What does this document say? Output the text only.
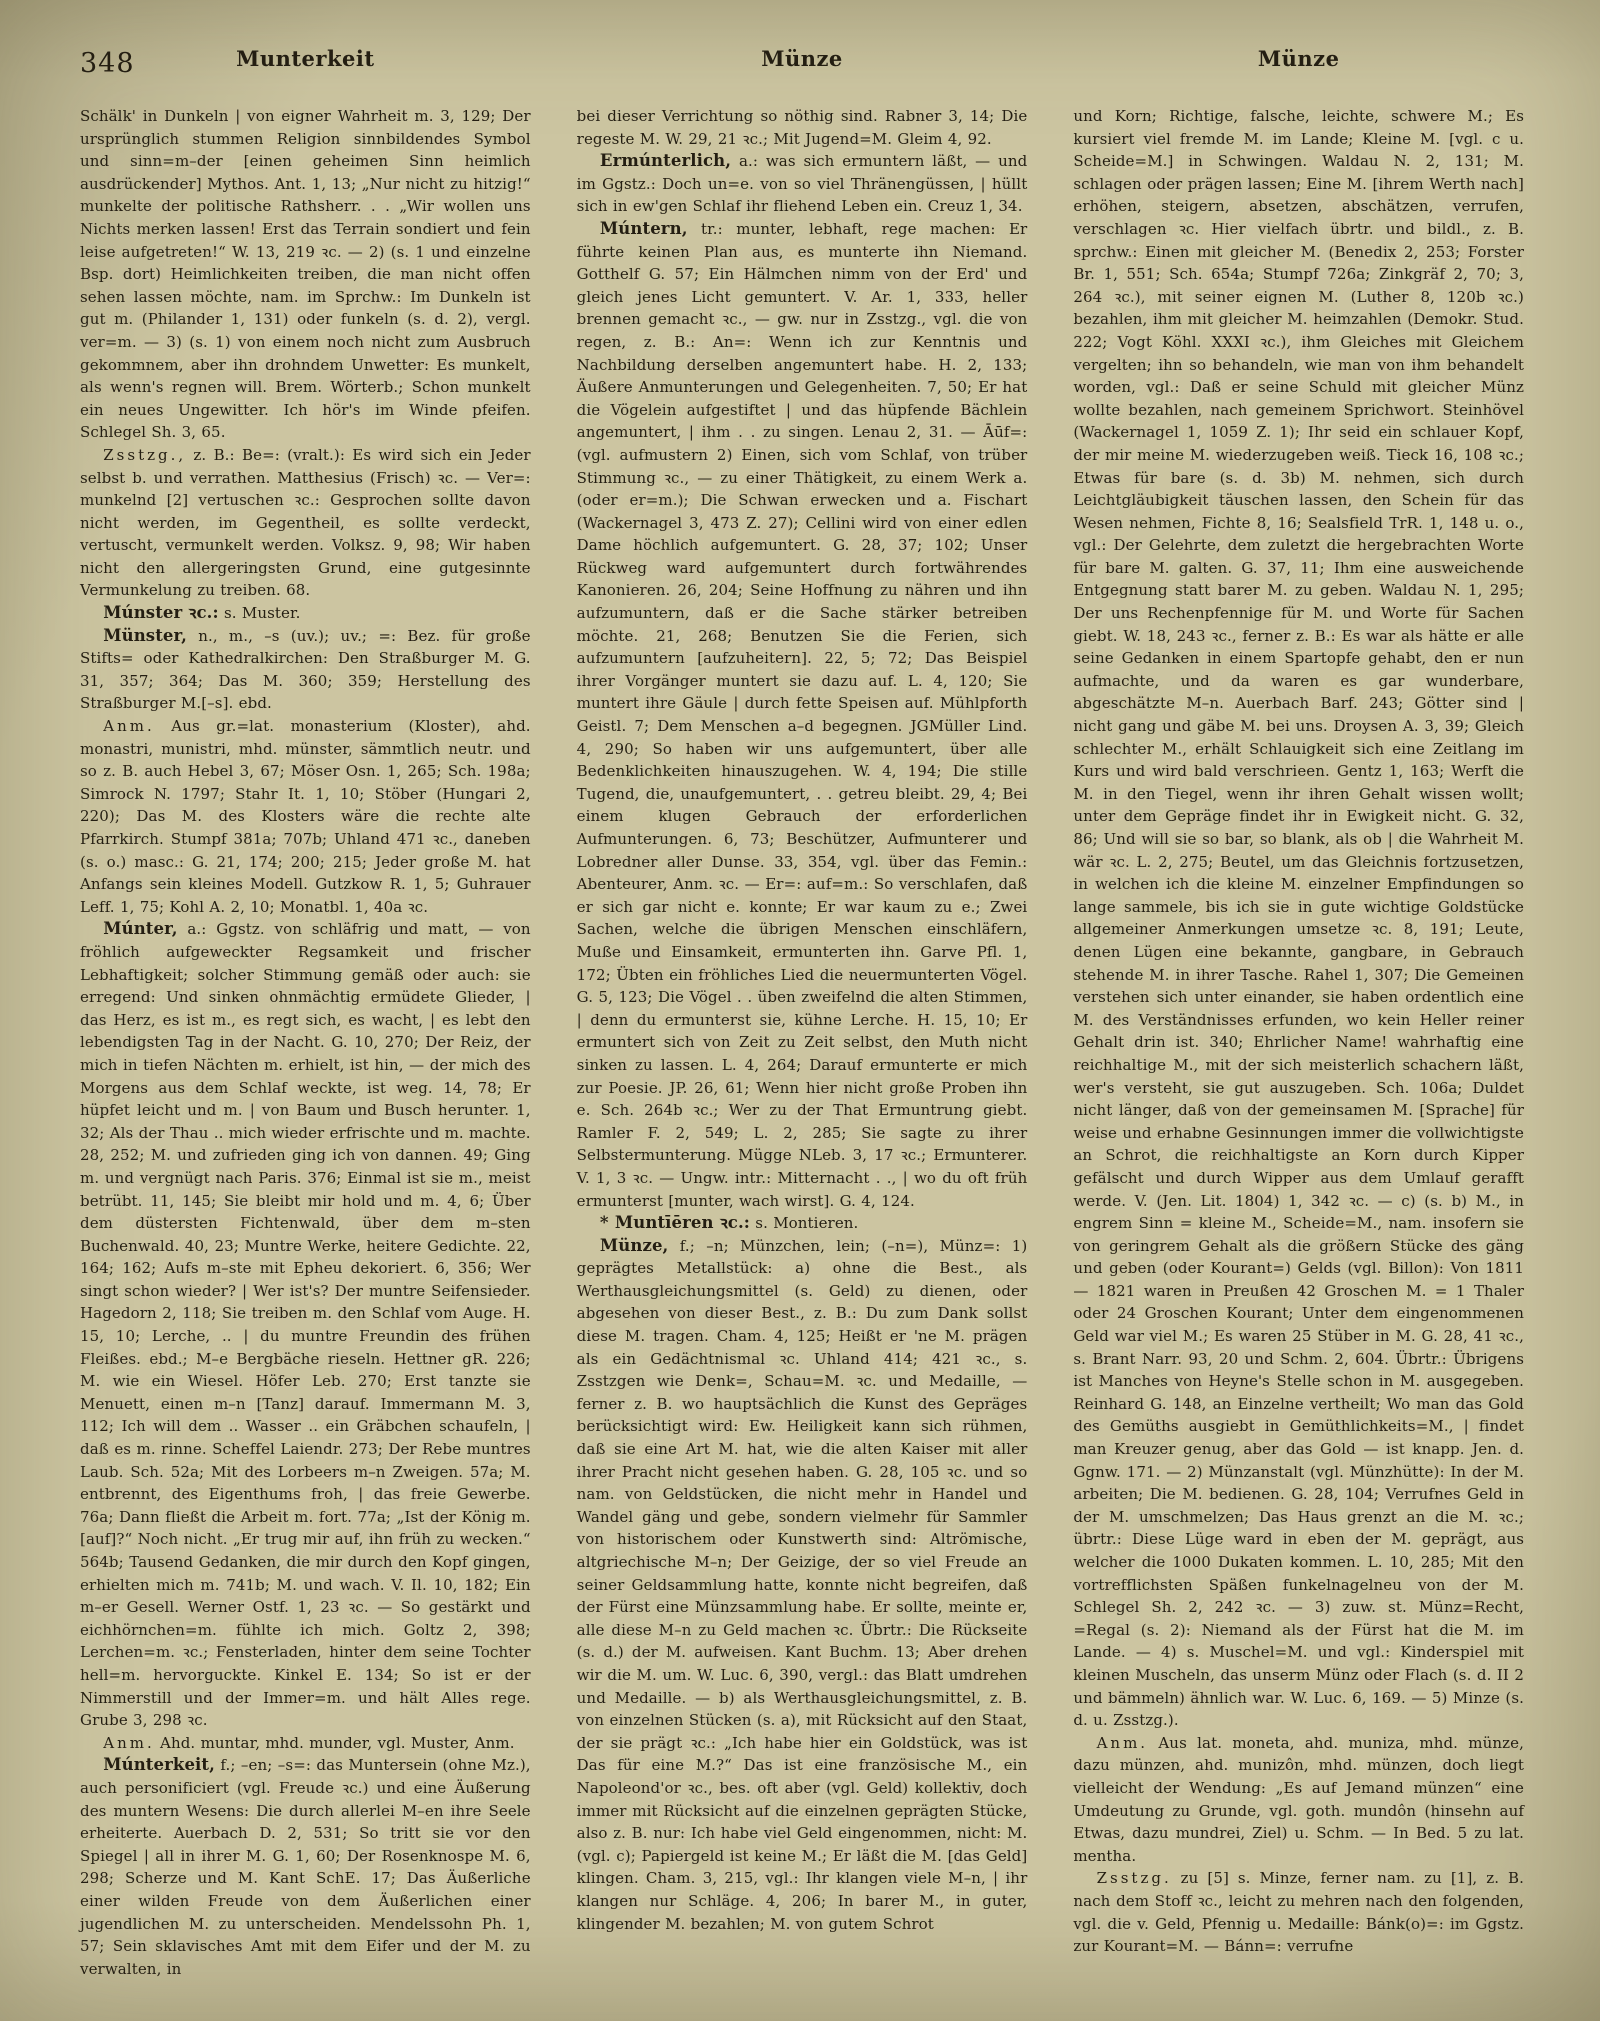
348	Munterkeit	Münze	Münze

Schälk' in Dunkeln | von eigner Wahrheit m. 3, 129; Der ursprünglich stummen Religion sinnbildendes Symbol und sinn=m–der [einen geheimen Sinn heimlich ausdrückender] Mythos. Ant. 1, 13; „Nur nicht zu hitzig!“ munkelte der politische Rathsherr. . . „Wir wollen uns Nichts merken lassen! Erst das Terrain sondiert und fein leise aufgetreten!“ W. 13, 219 ꝛc. — 2) (s. 1 und einzelne Bsp. dort) Heimlichkeiten treiben, die man nicht offen sehen lassen möchte, nam. im Sprchw.: Im Dunkeln ist gut m. (Philander 1, 131) oder funkeln (s. d. 2), vergl. ver=m. — 3) (s. 1) von einem noch nicht zum Ausbruch gekommnem, aber ihn drohndem Unwetter: Es munkelt, als wenn's regnen will. Brem. Wörterb.; Schon munkelt ein neues Ungewitter. Ich hör's im Winde pfeifen. Schlegel Sh. 3, 65.

Zsstzg., z. B.: Be=: (vralt.): Es wird sich ein Jeder selbst b. und verrathen. Matthesius (Frisch) ꝛc. — Ver=: munkelnd [2] vertuschen ꝛc.: Gesprochen sollte davon nicht werden, im Gegentheil, es sollte verdeckt, vertuscht, vermunkelt werden. Volksz. 9, 98; Wir haben nicht den allergeringsten Grund, eine gutgesinnte Vermunkelung zu treiben. 68.

Múnster ꝛc.: s. Muster.

Münster, n., m., –s (uv.); uv.; =: Bez. für große Stifts= oder Kathedralkirchen: Den Straßburger M. G. 31, 357; 364; Das M. 360; 359; Herstellung des Straßburger M.[–s]. ebd.

Anm. Aus gr.=lat. monasterium (Kloster), ahd. monastri, munistri, mhd. münster, sämmtlich neutr. und so z. B. auch Hebel 3, 67; Möser Osn. 1, 265; Sch. 198a; Simrock N. 1797; Stahr It. 1, 10; Stöber (Hungari 2, 220); Das M. des Klosters wäre die rechte alte Pfarrkirch. Stumpf 381a; 707b; Uhland 471 ꝛc., daneben (s. o.) masc.: G. 21, 174; 200; 215; Jeder große M. hat Anfangs sein kleines Modell. Gutzkow R. 1, 5; Guhrauer Leff. 1, 75; Kohl A. 2, 10; Monatbl. 1, 40a ꝛc.

Múnter, a.: Ggstz. von schläfrig und matt, — von fröhlich aufgeweckter Regsamkeit und frischer Lebhaftigkeit; solcher Stimmung gemäß oder auch: sie erregend: Und sinken ohnmächtig ermüdete Glieder, | das Herz, es ist m., es regt sich, es wacht, | es lebt den lebendigsten Tag in der Nacht. G. 10, 270; Der Reiz, der mich in tiefen Nächten m. erhielt, ist hin, — der mich des Morgens aus dem Schlaf weckte, ist weg. 14, 78; Er hüpfet leicht und m. | von Baum und Busch herunter. 1, 32; Als der Thau .. mich wieder erfrischte und m. machte. 28, 252; M. und zufrieden ging ich von dannen. 49; Ging m. und vergnügt nach Paris. 376; Einmal ist sie m., meist betrübt. 11, 145; Sie bleibt mir hold und m. 4, 6; Über dem düstersten Fichtenwald, über dem m–sten Buchenwald. 40, 23; Muntre Werke, heitere Gedichte. 22, 164; 162; Aufs m–ste mit Epheu dekoriert. 6, 356; Wer singt schon wieder? | Wer ist's? Der muntre Seifensieder. Hagedorn 2, 118; Sie treiben m. den Schlaf vom Auge. H. 15, 10; Lerche, .. | du muntre Freundin des frühen Fleißes. ebd.; M–e Bergbäche rieseln. Hettner gR. 226; M. wie ein Wiesel. Höfer Leb. 270; Erst tanzte sie Menuett, einen m–n [Tanz] darauf. Immermann M. 3, 112; Ich will dem .. Wasser .. ein Gräbchen schaufeln, | daß es m. rinne. Scheffel Laiendr. 273; Der Rebe muntres Laub. Sch. 52a; Mit des Lorbeers m–n Zweigen. 57a; M. entbrennt, des Eigenthums froh, | das freie Gewerbe. 76a; Dann fließt die Arbeit m. fort. 77a; „Ist der König m. [auf]?“ Noch nicht. „Er trug mir auf, ihn früh zu wecken.“ 564b; Tausend Gedanken, die mir durch den Kopf gingen, erhielten mich m. 741b; M. und wach. V. Il. 10, 182; Ein m–er Gesell. Werner Ostf. 1, 23 ꝛc. — So gestärkt und eichhörnchen=m. fühlte ich mich. Goltz 2, 398; Lerchen=m. ꝛc.; Fensterladen, hinter dem seine Tochter hell=m. hervorguckte. Kinkel E. 134; So ist er der Nimmerstill und der Immer=m. und hält Alles rege. Grube 3, 298 ꝛc.

Anm. Ahd. muntar, mhd. munder, vgl. Muster, Anm.

Múnterkeit, f.; –en; –s=: das Muntersein (ohne Mz.), auch personificiert (vgl. Freude ꝛc.) und eine Äußerung des muntern Wesens: Die durch allerlei M–en ihre Seele erheiterte. Auerbach D. 2, 531; So tritt sie vor den Spiegel | all in ihrer M. G. 1, 60; Der Rosenknospe M. 6, 298; Scherze und M. Kant SchE. 17; Das Äußerliche einer wilden Freude von dem Äußerlichen einer jugendlichen M. zu unterscheiden. Mendelssohn Ph. 1, 57; Sein sklavisches Amt mit dem Eifer und der M. zu verwalten, in

bei dieser Verrichtung so nöthig sind. Rabner 3, 14; Die regeste M. W. 29, 21 ꝛc.; Mit Jugend=M. Gleim 4, 92.

Ermúnterlich, a.: was sich ermuntern läßt, — und im Ggstz.: Doch un=e. von so viel Thränengüssen, | hüllt sich in ew'gen Schlaf ihr fliehend Leben ein. Creuz 1, 34.

Múntern, tr.: munter, lebhaft, rege machen: Er führte keinen Plan aus, es munterte ihn Niemand. Gotthelf G. 57; Ein Hälmchen nimm von der Erd' und gleich jenes Licht gemuntert. V. Ar. 1, 333, heller brennen gemacht ꝛc., — gw. nur in Zsstzg., vgl. die von regen, z. B.: An=: Wenn ich zur Kenntnis und Nachbildung derselben angemuntert habe. H. 2, 133; Äußere Anmunterungen und Gelegenheiten. 7, 50; Er hat die Vögelein aufgestiftet | und das hüpfende Bächlein angemuntert, | ihm . . zu singen. Lenau 2, 31. — Āūf=: (vgl. aufmustern 2) Einen, sich vom Schlaf, von trüber Stimmung ꝛc., — zu einer Thätigkeit, zu einem Werk a. (oder er=m.); Die Schwan erwecken und a. Fischart (Wackernagel 3, 473 Z. 27); Cellini wird von einer edlen Dame höchlich aufgemuntert. G. 28, 37; 102; Unser Rückweg ward aufgemuntert durch fortwährendes Kanonieren. 26, 204; Seine Hoffnung zu nähren und ihn aufzumuntern, daß er die Sache stärker betreiben möchte. 21, 268; Benutzen Sie die Ferien, sich aufzumuntern [aufzuheitern]. 22, 5; 72; Das Beispiel ihrer Vorgänger muntert sie dazu auf. L. 4, 120; Sie muntert ihre Gäule | durch fette Speisen auf. Mühlpforth Geistl. 7; Dem Menschen a–d begegnen. JGMüller Lind. 4, 290; So haben wir uns aufgemuntert, über alle Bedenklichkeiten hinauszugehen. W. 4, 194; Die stille Tugend, die, unaufgemuntert, . . getreu bleibt. 29, 4; Bei einem klugen Gebrauch der erforderlichen Aufmunterungen. 6, 73; Beschützer, Aufmunterer und Lobredner aller Dunse. 33, 354, vgl. über das Femin.: Abenteurer, Anm. ꝛc. — Er=: auf=m.: So verschlafen, daß er sich gar nicht e. konnte; Er war kaum zu e.; Zwei Sachen, welche die übrigen Menschen einschläfern, Muße und Einsamkeit, ermunterten ihn. Garve Pfl. 1, 172; Übten ein fröhliches Lied die neuermunterten Vögel. G. 5, 123; Die Vögel . . üben zweifelnd die alten Stimmen, | denn du ermunterst sie, kühne Lerche. H. 15, 10; Er ermuntert sich von Zeit zu Zeit selbst, den Muth nicht sinken zu lassen. L. 4, 264; Darauf ermunterte er mich zur Poesie. JP. 26, 61; Wenn hier nicht große Proben ihn e. Sch. 264b ꝛc.; Wer zu der That Ermuntrung giebt. Ramler F. 2, 549; L. 2, 285; Sie sagte zu ihrer Selbstermunterung. Mügge NLeb. 3, 17 ꝛc.; Ermunterer. V. 1, 3 ꝛc. — Ungw. intr.: Mitternacht . ., | wo du oft früh ermunterst [munter, wach wirst]. G. 4, 124.

* Muntīēren ꝛc.: s. Montieren.

Münze, f.; –n; Münzchen, lein; (–n=), Münz=: 1) geprägtes Metallstück: a) ohne die Best., als Werthausgleichungsmittel (s. Geld) zu dienen, oder abgesehen von dieser Best., z. B.: Du zum Dank sollst diese M. tragen. Cham. 4, 125; Heißt er 'ne M. prägen als ein Gedächtnismal ꝛc. Uhland 414; 421 ꝛc., s. Zsstzgen wie Denk=, Schau=M. ꝛc. und Medaille, — ferner z. B. wo hauptsächlich die Kunst des Gepräges berücksichtigt wird: Ew. Heiligkeit kann sich rühmen, daß sie eine Art M. hat, wie die alten Kaiser mit aller ihrer Pracht nicht gesehen haben. G. 28, 105 ꝛc. und so nam. von Geldstücken, die nicht mehr in Handel und Wandel gäng und gebe, sondern vielmehr für Sammler von historischem oder Kunstwerth sind: Altrömische, altgriechische M–n; Der Geizige, der so viel Freude an seiner Geldsammlung hatte, konnte nicht begreifen, daß der Fürst eine Münzsammlung habe. Er sollte, meinte er, alle diese M–n zu Geld machen ꝛc. Übrtr.: Die Rückseite (s. d.) der M. aufweisen. Kant Buchm. 13; Aber drehen wir die M. um. W. Luc. 6, 390, vergl.: das Blatt umdrehen und Medaille. — b) als Werthausgleichungsmittel, z. B. von einzelnen Stücken (s. a), mit Rücksicht auf den Staat, der sie prägt ꝛc.: „Ich habe hier ein Goldstück, was ist Das für eine M.?“ Das ist eine französische M., ein Napoleond'or ꝛc., bes. oft aber (vgl. Geld) kollektiv, doch immer mit Rücksicht auf die einzelnen geprägten Stücke, also z. B. nur: Ich habe viel Geld eingenommen, nicht: M. (vgl. c); Papiergeld ist keine M.; Er läßt die M. [das Geld] klingen. Cham. 3, 215, vgl.: Ihr klangen viele M–n, | ihr klangen nur Schläge. 4, 206; In barer M., in guter, klingender M. bezahlen; M. von gutem Schrot

und Korn; Richtige, falsche, leichte, schwere M.; Es kursiert viel fremde M. im Lande; Kleine M. [vgl. c u. Scheide=M.] in Schwingen. Waldau N. 2, 131; M. schlagen oder prägen lassen; Eine M. [ihrem Werth nach] erhöhen, steigern, absetzen, abschätzen, verrufen, verschlagen ꝛc. Hier vielfach übrtr. und bildl., z. B. sprchw.: Einen mit gleicher M. (Benedix 2, 253; Forster Br. 1, 551; Sch. 654a; Stumpf 726a; Zinkgräf 2, 70; 3, 264 ꝛc.), mit seiner eignen M. (Luther 8, 120b ꝛc.) bezahlen, ihm mit gleicher M. heimzahlen (Demokr. Stud. 222; Vogt Köhl. XXXI ꝛc.), ihm Gleiches mit Gleichem vergelten; ihn so behandeln, wie man von ihm behandelt worden, vgl.: Daß er seine Schuld mit gleicher Münz wollte bezahlen, nach gemeinem Sprichwort. Steinhövel (Wackernagel 1, 1059 Z. 1); Ihr seid ein schlauer Kopf, der mir meine M. wiederzugeben weiß. Tieck 16, 108 ꝛc.; Etwas für bare (s. d. 3b) M. nehmen, sich durch Leichtgläubigkeit täuschen lassen, den Schein für das Wesen nehmen, Fichte 8, 16; Sealsfield TrR. 1, 148 u. o., vgl.: Der Gelehrte, dem zuletzt die hergebrachten Worte für bare M. galten. G. 37, 11; Ihm eine ausweichende Entgegnung statt barer M. zu geben. Waldau N. 1, 295; Der uns Rechenpfennige für M. und Worte für Sachen giebt. W. 18, 243 ꝛc., ferner z. B.: Es war als hätte er alle seine Gedanken in einem Spartopfe gehabt, den er nun aufmachte, und da waren es gar wunderbare, abgeschätzte M–n. Auerbach Barf. 243; Götter sind | nicht gang und gäbe M. bei uns. Droysen A. 3, 39; Gleich schlechter M., erhält Schlauigkeit sich eine Zeitlang im Kurs und wird bald verschrieen. Gentz 1, 163; Werft die M. in den Tiegel, wenn ihr ihren Gehalt wissen wollt; unter dem Gepräge findet ihr in Ewigkeit nicht. G. 32, 86; Und will sie so bar, so blank, als ob | die Wahrheit M. wär ꝛc. L. 2, 275; Beutel, um das Gleichnis fortzusetzen, in welchen ich die kleine M. einzelner Empfindungen so lange sammele, bis ich sie in gute wichtige Goldstücke allgemeiner Anmerkungen umsetze ꝛc. 8, 191; Leute, denen Lügen eine bekannte, gangbare, in Gebrauch stehende M. in ihrer Tasche. Rahel 1, 307; Die Gemeinen verstehen sich unter einander, sie haben ordentlich eine M. des Verständnisses erfunden, wo kein Heller reiner Gehalt drin ist. 340; Ehrlicher Name! wahrhaftig eine reichhaltige M., mit der sich meisterlich schachern läßt, wer's versteht, sie gut auszugeben. Sch. 106a; Duldet nicht länger, daß von der gemeinsamen M. [Sprache] für weise und erhabne Gesinnungen immer die vollwichtigste an Schrot, die reichhaltigste an Korn durch Kipper gefälscht und durch Wipper aus dem Umlauf gerafft werde. V. (Jen. Lit. 1804) 1, 342 ꝛc. — c) (s. b) M., in engrem Sinn = kleine M., Scheide=M., nam. insofern sie von geringrem Gehalt als die größern Stücke des gäng und geben (oder Kourant=) Gelds (vgl. Billon): Von 1811 — 1821 waren in Preußen 42 Groschen M. = 1 Thaler oder 24 Groschen Kourant; Unter dem eingenommenen Geld war viel M.; Es waren 25 Stüber in M. G. 28, 41 ꝛc., s. Brant Narr. 93, 20 und Schm. 2, 604. Übrtr.: Übrigens ist Manches von Heyne's Stelle schon in M. ausgegeben. Reinhard G. 148, an Einzelne vertheilt; Wo man das Gold des Gemüths ausgiebt in Gemüthlichkeits=M., | findet man Kreuzer genug, aber das Gold — ist knapp. Jen. d. Ggnw. 171. — 2) Münzanstalt (vgl. Münzhütte): In der M. arbeiten; Die M. bedienen. G. 28, 104; Verrufnes Geld in der M. umschmelzen; Das Haus grenzt an die M. ꝛc.; übrtr.: Diese Lüge ward in eben der M. geprägt, aus welcher die 1000 Dukaten kommen. L. 10, 285; Mit den vortrefflichsten Späßen funkelnagelneu von der M. Schlegel Sh. 2, 242 ꝛc. — 3) zuw. st. Münz=Recht, =Regal (s. 2): Niemand als der Fürst hat die M. im Lande. — 4) s. Muschel=M. und vgl.: Kinderspiel mit kleinen Muscheln, das unserm Münz oder Flach (s. d. II 2 und bämmeln) ähnlich war. W. Luc. 6, 169. — 5) Minze (s. d. u. Zsstzg.).

Anm. Aus lat. moneta, ahd. muniza, mhd. münze, dazu münzen, ahd. munizôn, mhd. münzen, doch liegt vielleicht der Wendung: „Es auf Jemand münzen“ eine Umdeutung zu Grunde, vgl. goth. mundôn (hinsehn auf Etwas, dazu mundrei, Ziel) u. Schm. — In Bed. 5 zu lat. mentha.

Zsstzg. zu [5] s. Minze, ferner nam. zu [1], z. B. nach dem Stoff ꝛc., leicht zu mehren nach den folgenden, vgl. die v. Geld, Pfennig u. Medaille: Bánk(o)=: im Ggstz. zur Kourant=M. — Bánn=: verrufne
